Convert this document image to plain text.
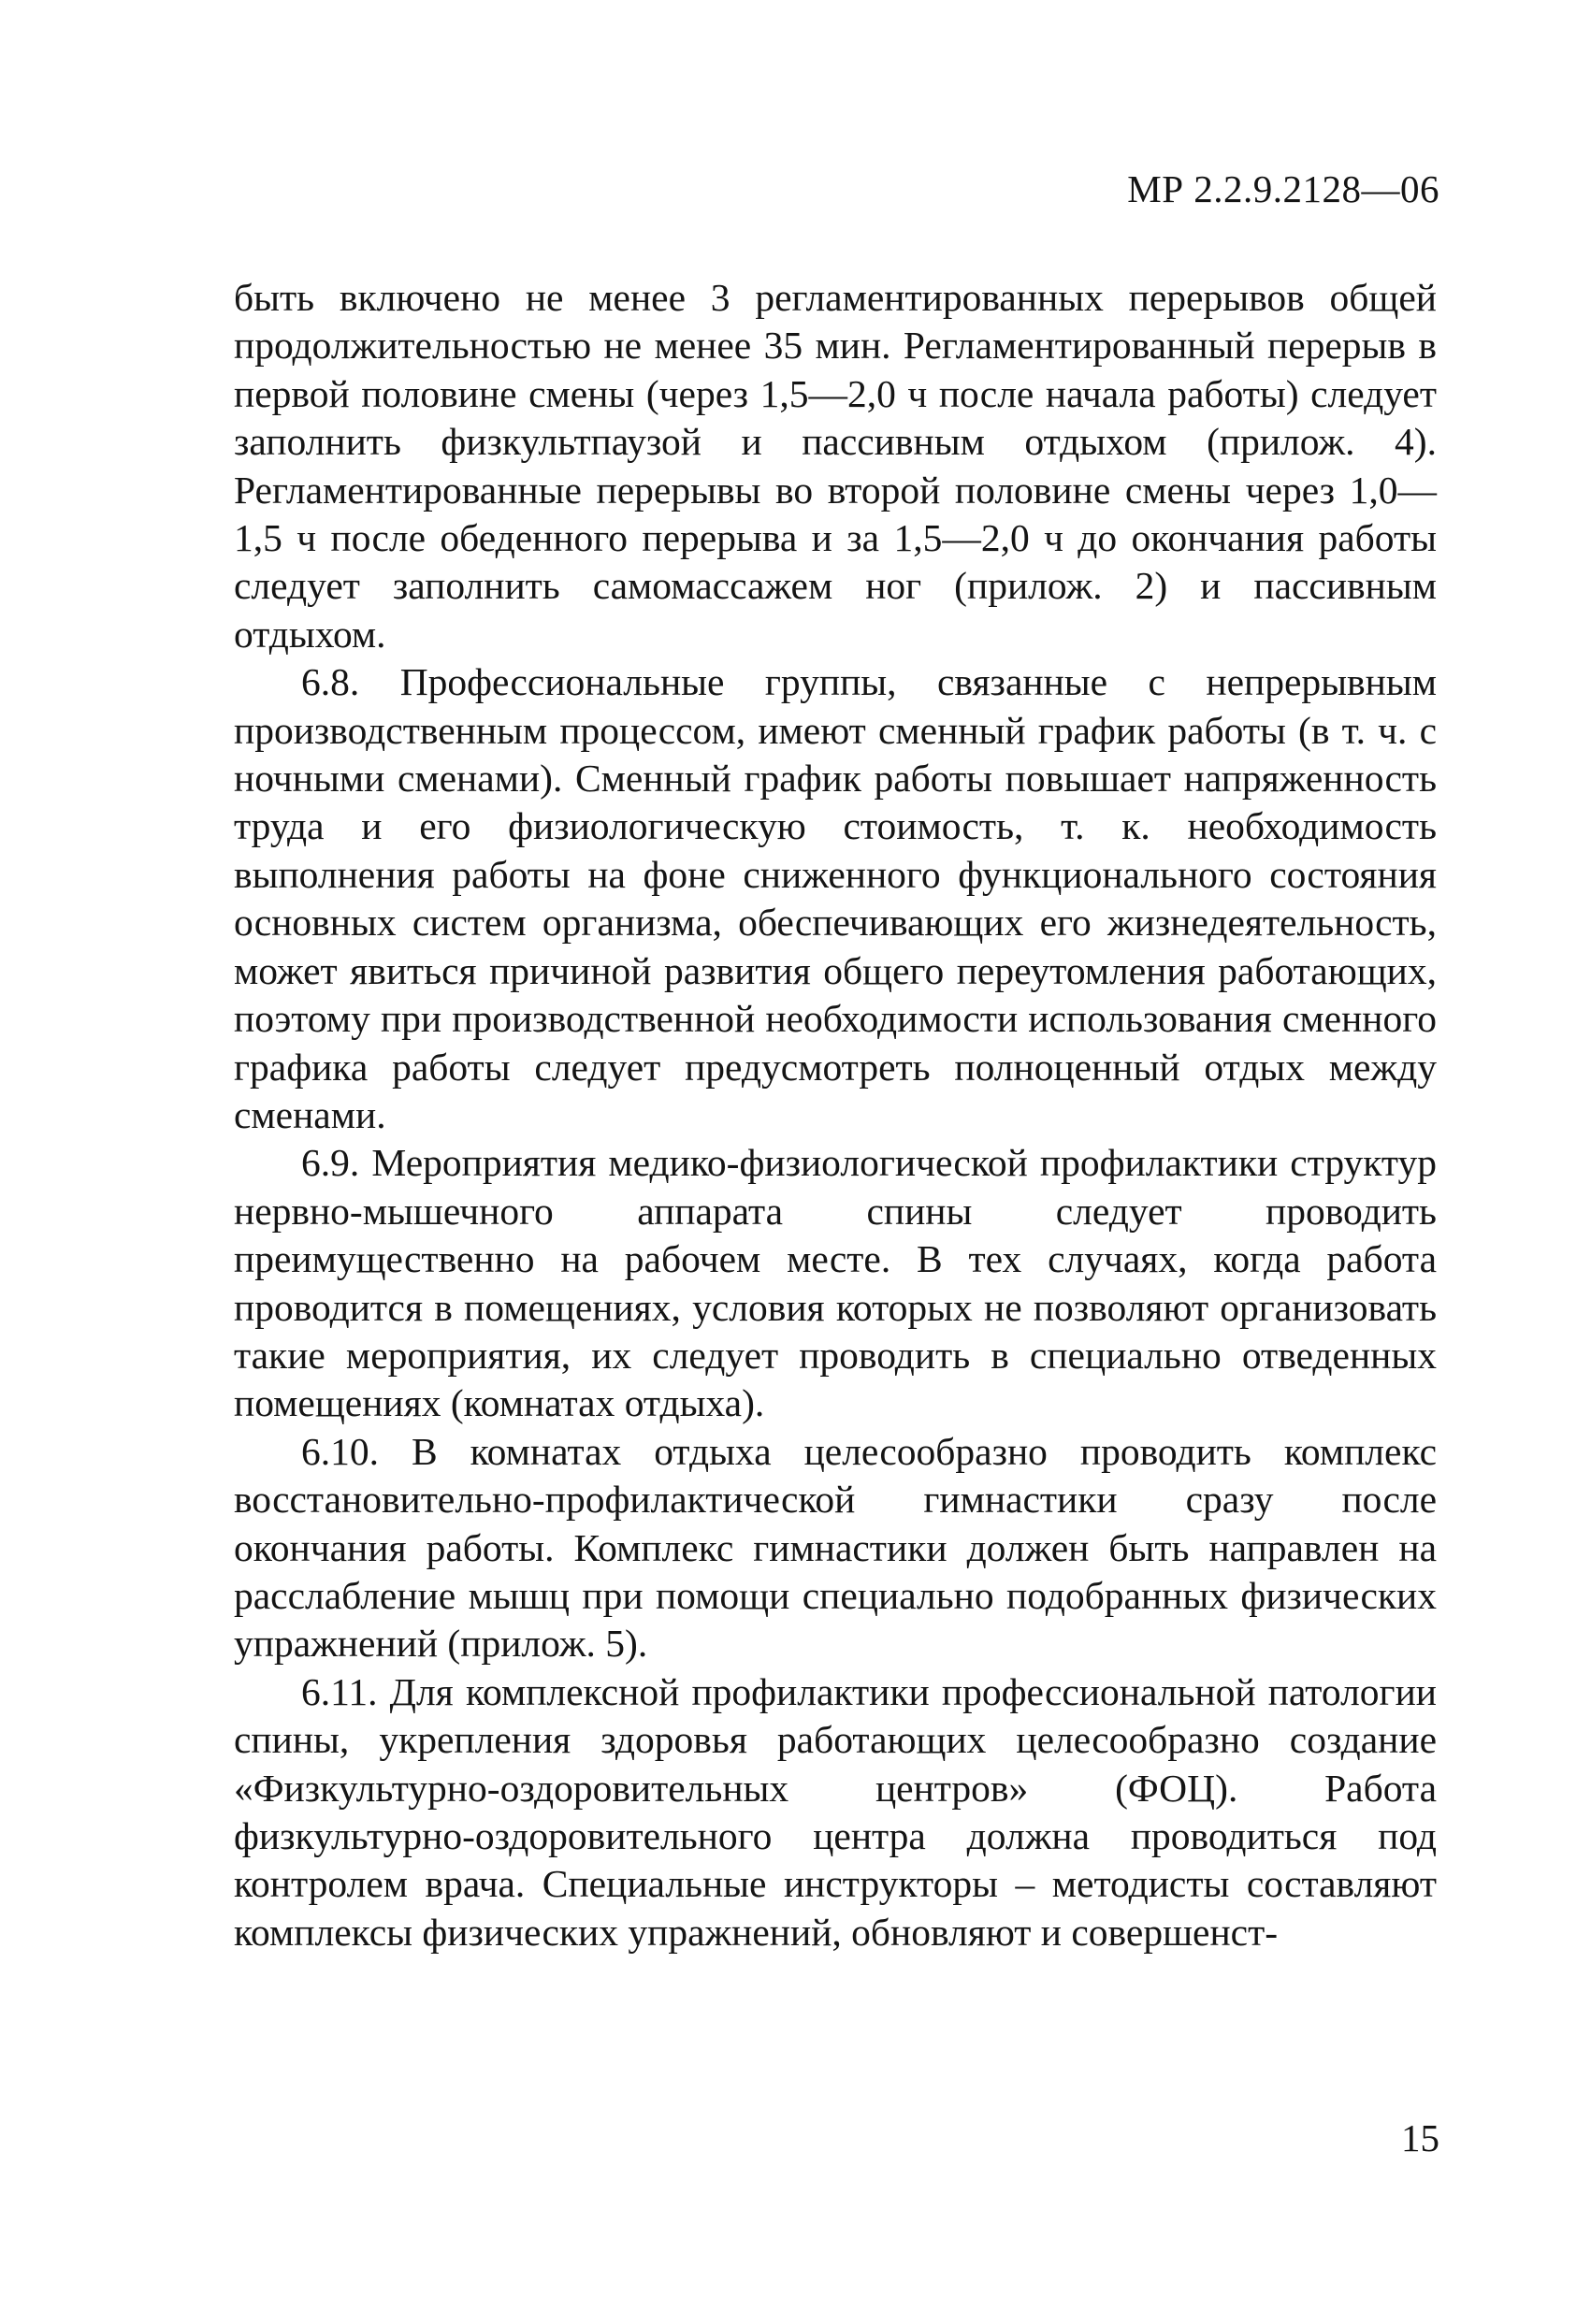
МР 2.2.9.2128—06

быть включено не менее 3 регламентированных перерывов общей продолжительностью не менее 35 мин. Регламентированный перерыв в первой половине смены (через 1,5—2,0 ч после начала работы) следует заполнить физкультпаузой и пассивным отдыхом (прилож. 4). Регламентированные перерывы во второй половине смены через 1,0—1,5 ч после обеденного перерыва и за 1,5—2,0 ч до окончания работы следует заполнить самомассажем ног (прилож. 2) и пассивным отдыхом.

6.8. Профессиональные группы, связанные с непрерывным производственным процессом, имеют сменный график работы (в т. ч. с ночными сменами). Сменный график работы повышает напряженность труда и его физиологическую стоимость, т. к. необходимость выполнения работы на фоне сниженного функционального состояния основных систем организма, обеспечивающих его жизнедеятельность, может явиться причиной развития общего переутомления работающих, поэтому при производственной необходимости использования сменного графика работы следует предусмотреть полноценный отдых между сменами.

6.9. Мероприятия медико-физиологической профилактики структур нервно-мышечного аппарата спины следует проводить преимущественно на рабочем месте. В тех случаях, когда работа проводится в помещениях, условия которых не позволяют организовать такие мероприятия, их следует проводить в специально отведенных помещениях (комнатах отдыха).

6.10. В комнатах отдыха целесообразно проводить комплекс восстановительно-профилактической гимнастики сразу после окончания работы. Комплекс гимнастики должен быть направлен на расслабление мышц при помощи специально подобранных физических упражнений (прилож. 5).

6.11. Для комплексной профилактики профессиональной патологии спины, укрепления здоровья работающих целесообразно создание «Физкультурно-оздоровительных центров» (ФОЦ). Работа физкультурно-оздоровительного центра должна проводиться под контролем врача. Специальные инструкторы – методисты составляют комплексы физических упражнений, обновляют и совершенст-

15
